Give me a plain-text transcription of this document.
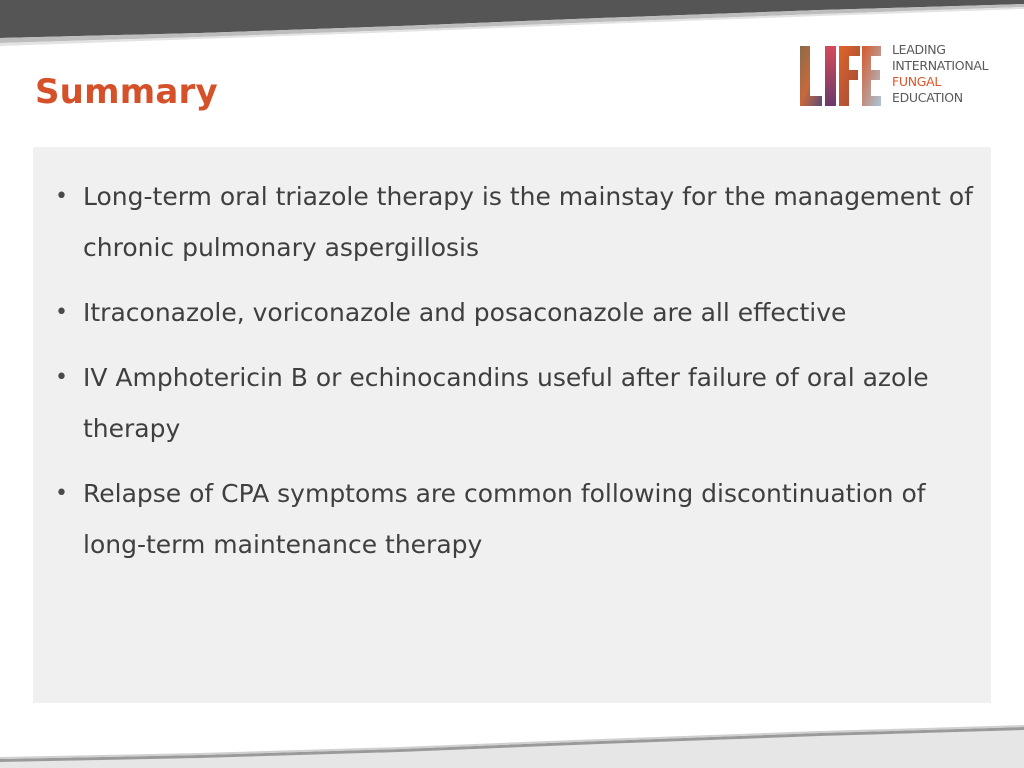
Summary
LEADING
INTERNATIONAL
FUNGAL
EDUCATION
• Long-term oral triazole therapy is the mainstay for the management of chronic pulmonary aspergillosis
• Itraconazole, voriconazole and posaconazole are all effective
• IV Amphotericin B or echinocandins useful after failure of oral azole therapy
• Relapse of CPA symptoms are common following discontinuation of long-term maintenance therapy
